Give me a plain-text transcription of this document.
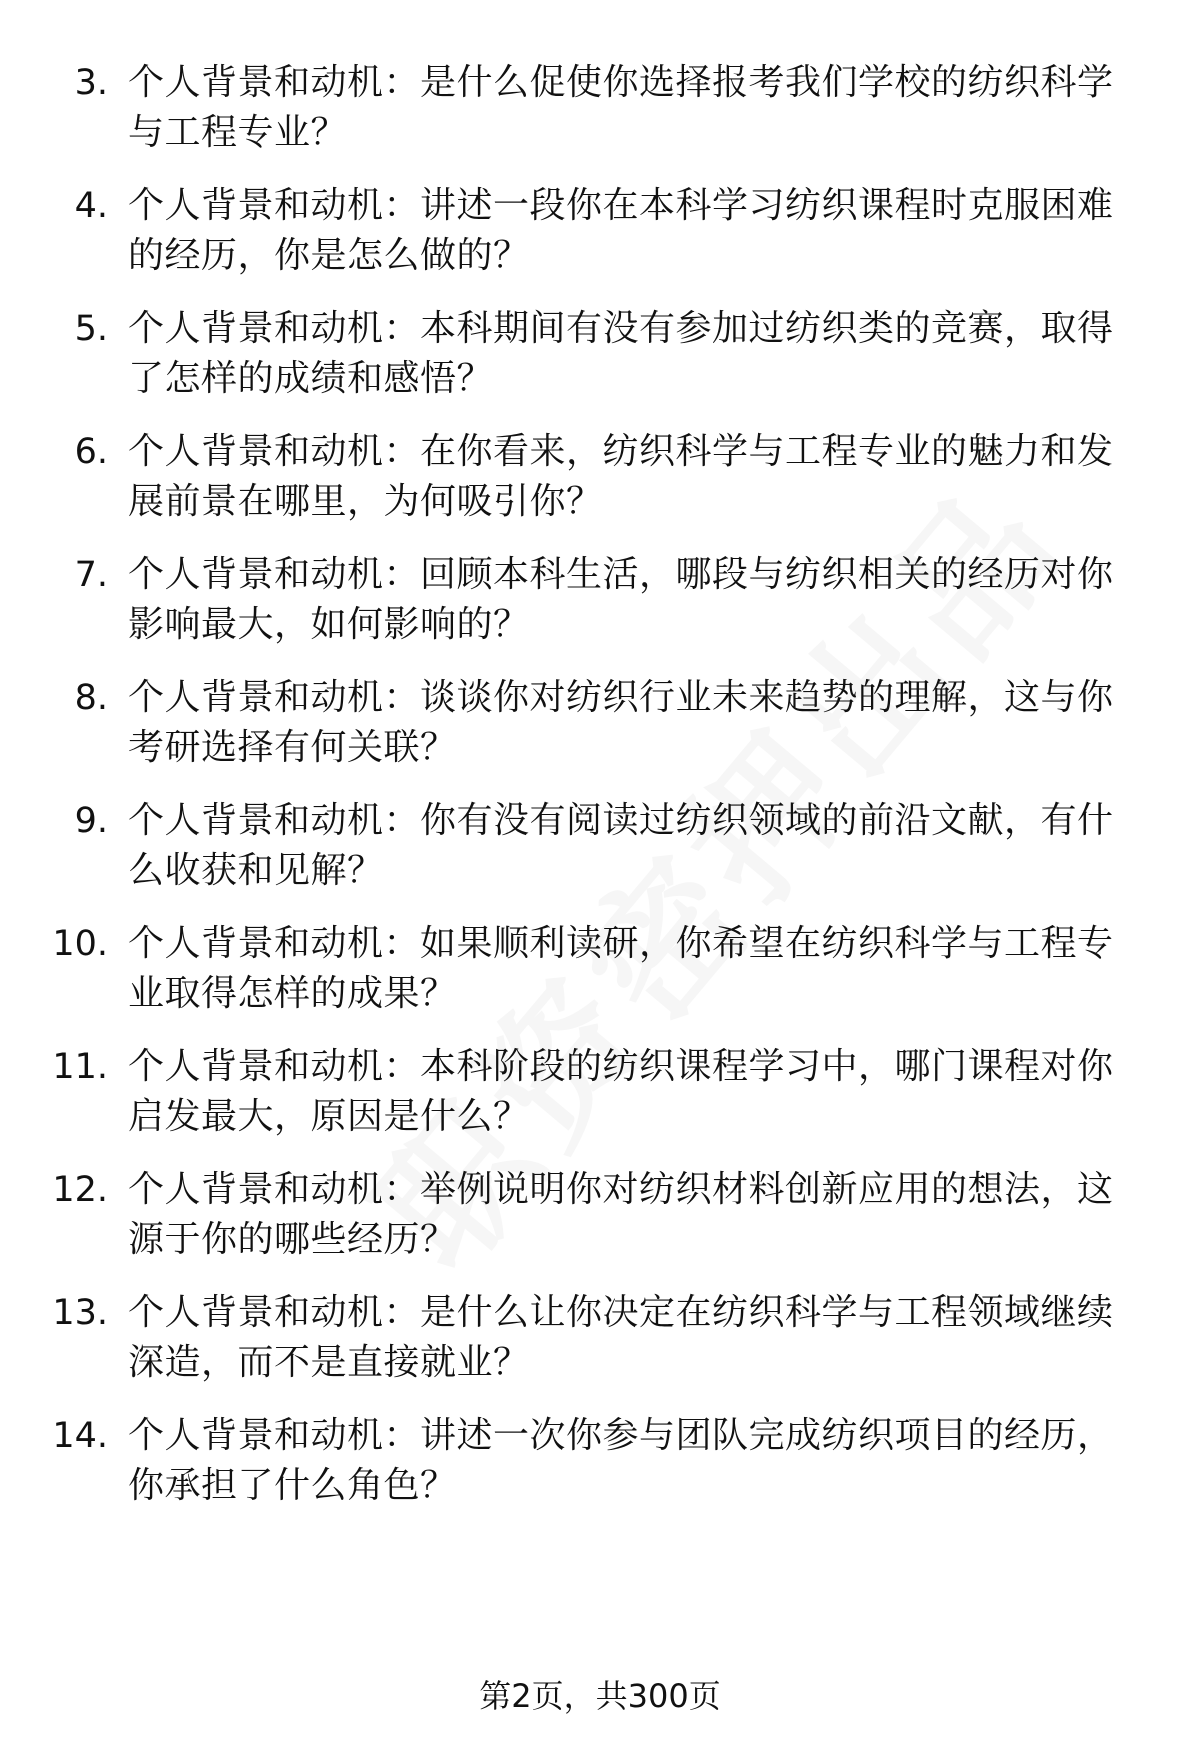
3. 个人背景和动机：是什么促使你选择报考我们学校的纺织科学与工程专业？
4. 个人背景和动机：讲述一段你在本科学习纺织课程时克服困难的经历，你是怎么做的？
5. 个人背景和动机：本科期间有没有参加过纺织类的竞赛，取得了怎样的成绩和感悟？
6. 个人背景和动机：在你看来，纺织科学与工程专业的魅力和发展前景在哪里，为何吸引你？
7. 个人背景和动机：回顾本科生活，哪段与纺织相关的经历对你影响最大，如何影响的？
8. 个人背景和动机：谈谈你对纺织行业未来趋势的理解，这与你考研选择有何关联？
9. 个人背景和动机：你有没有阅读过纺织领域的前沿文献，有什么收获和见解？
10. 个人背景和动机：如果顺利读研，你希望在纺织科学与工程专业取得怎样的成果？
11. 个人背景和动机：本科阶段的纺织课程学习中，哪门课程对你启发最大，原因是什么？
12. 个人背景和动机：举例说明你对纺织材料创新应用的想法，这源于你的哪些经历？
13. 个人背景和动机：是什么让你决定在纺织科学与工程领域继续深造，而不是直接就业？
14. 个人背景和动机：讲述一次你参与团队完成纺织项目的经历，你承担了什么角色？
第2页，共300页
